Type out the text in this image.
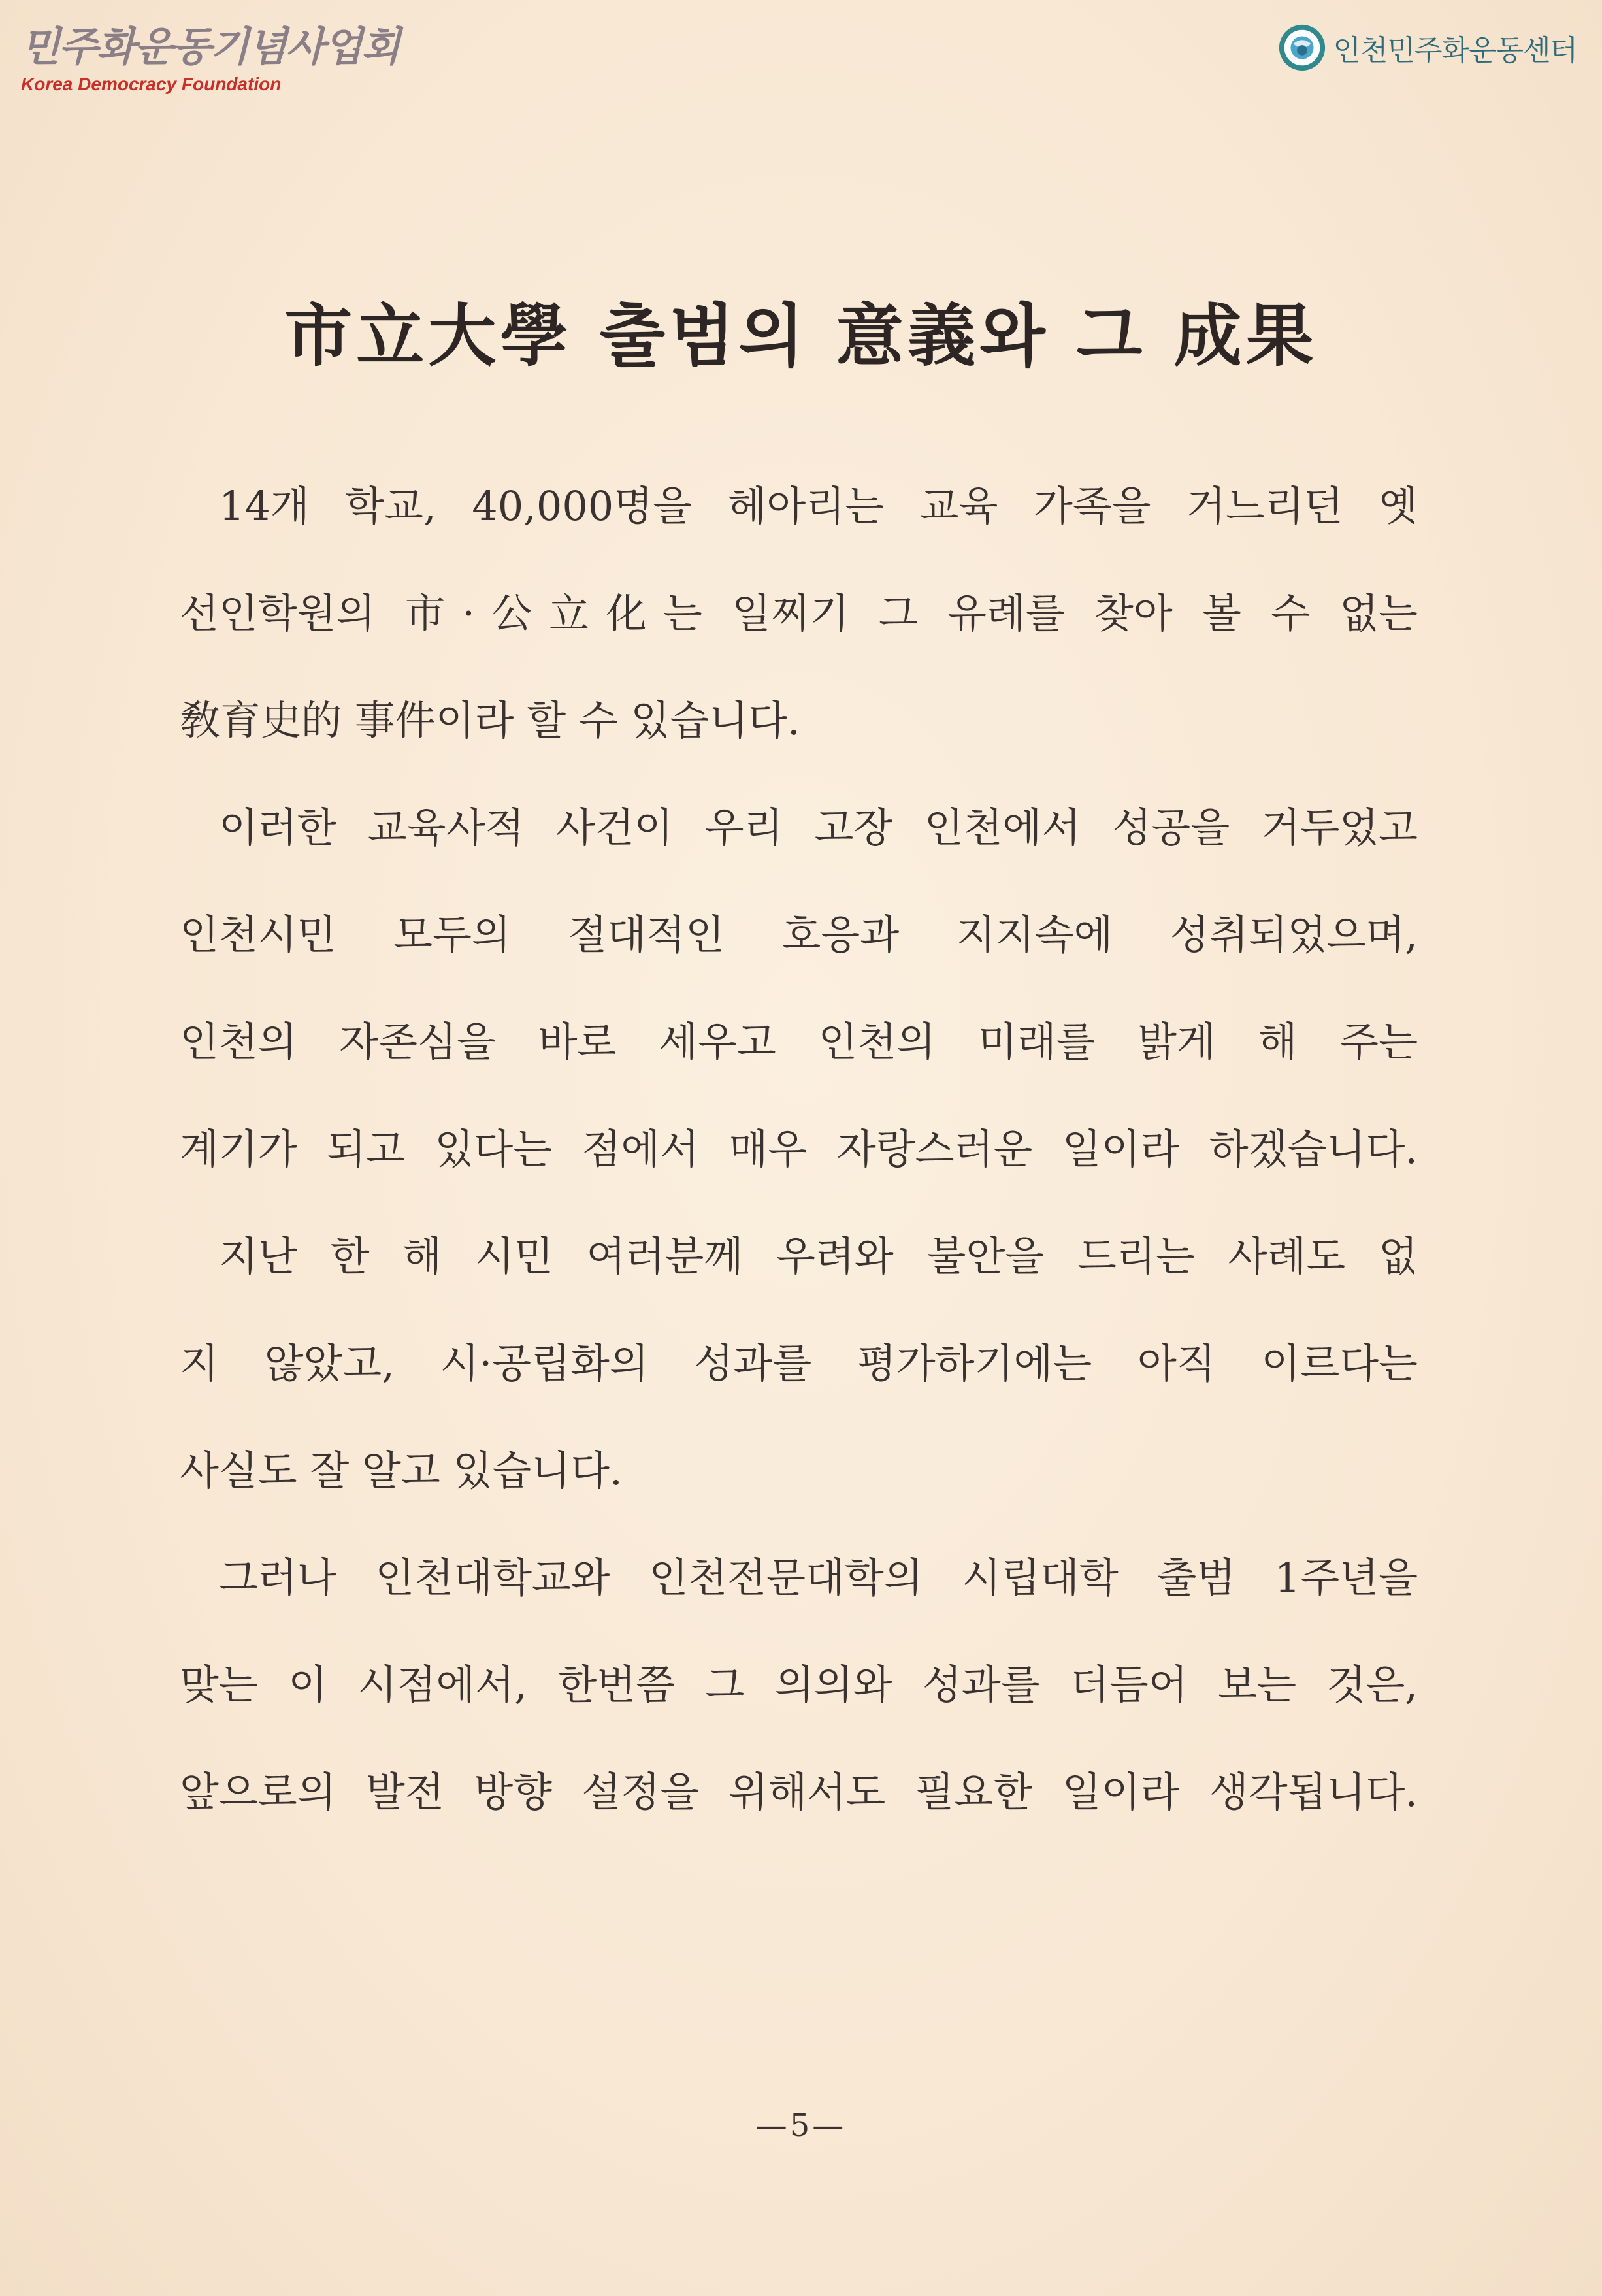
민주화운동기념사업회
Korea Democracy Foundation
인천민주화운동센터
市立大學 출범의 意義와 그 成果
14개 학교, 40,000명을 헤아리는 교육 가족을 거느리던 옛
선인학원의 市·公立化는 일찌기 그 유례를 찾아 볼 수 없는
敎育史的 事件이라 할 수 있습니다.
이러한 교육사적 사건이 우리 고장 인천에서 성공을 거두었고
인천시민 모두의 절대적인 호응과 지지속에 성취되었으며,
인천의 자존심을 바로 세우고 인천의 미래를 밝게 해 주는
계기가 되고 있다는 점에서 매우 자랑스러운 일이라 하겠습니다.
지난 한 해 시민 여러분께 우려와 불안을 드리는 사례도 없
지 않았고, 시·공립화의 성과를 평가하기에는 아직 이르다는
사실도 잘 알고 있습니다.
그러나 인천대학교와 인천전문대학의 시립대학 출범 1주년을
맞는 이 시점에서, 한번쯤 그 의의와 성과를 더듬어 보는 것은,
앞으로의 발전 방향 설정을 위해서도 필요한 일이라 생각됩니다.
—5—
